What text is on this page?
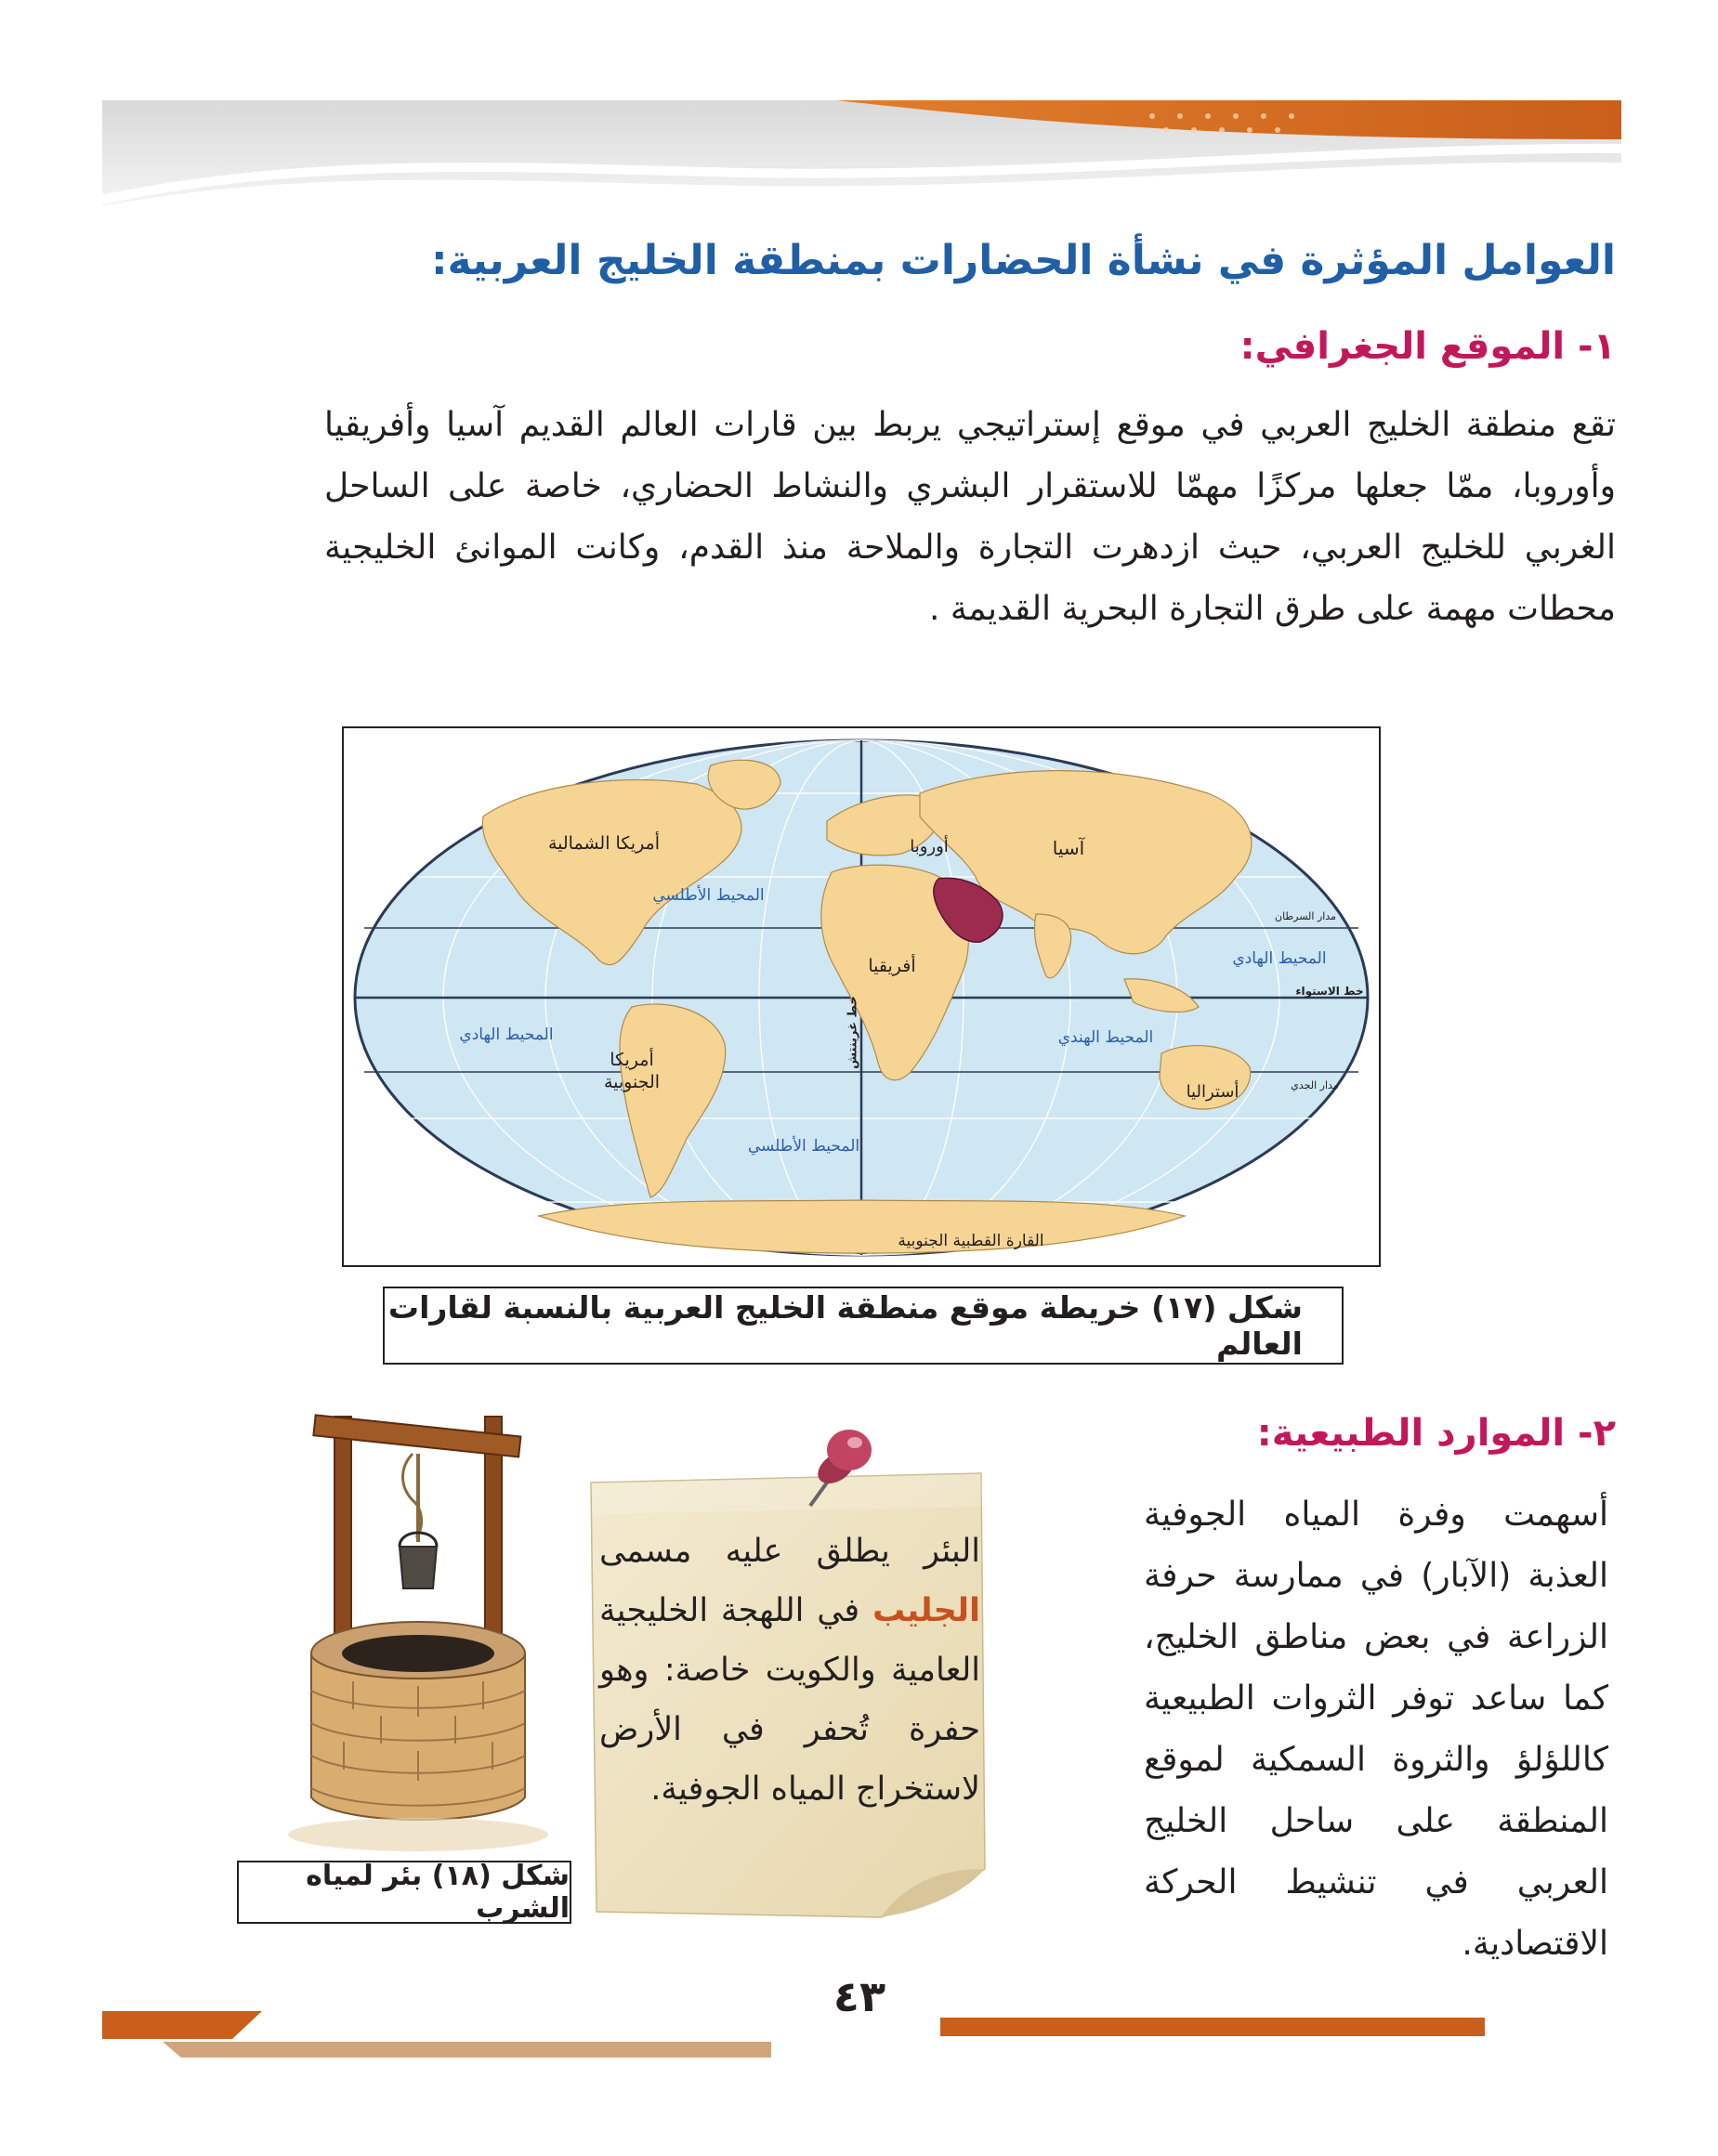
العوامل المؤثرة في نشأة الحضارات بمنطقة الخليج العربية:
١- الموقع الجغرافي:
تقع منطقة الخليج العربي في موقع إستراتيجي يربط بين قارات العالم القديم آسيا وأفريقيا وأوروبا، ممّا جعلها مركزًا مهمّا للاستقرار البشري والنشاط الحضاري، خاصة على الساحل الغربي للخليج العربي، حيث ازدهرت التجارة والملاحة منذ القدم، وكانت الموانئ الخليجية محطات مهمة على طرق التجارة البحرية القديمة .
أمريكا الشمالية
أمريكا الجنوبية
أوروبا	آسيا
أفريقيا
أستراليا
القارة القطبية الجنوبية
المحيط الأطلسي
المحيط الأطلسي
المحيط الهادي
المحيط الهادي
المحيط الهندي
مدار السرطان
مدار الجدي
خط الاستواء
خط غرينتش
شكل (١٧) خريطة موقع منطقة الخليج العربية بالنسبة لقارات العالم
٢- الموارد الطبيعية:
أسهمت وفرة المياه الجوفية العذبة (الآبار) في ممارسة حرفة الزراعة في بعض مناطق الخليج، كما ساعد توفر الثروات الطبيعية كاللؤلؤ والثروة السمكية لموقع المنطقة على ساحل الخليج العربي في تنشيط الحركة الاقتصادية.
البئر يطلق عليه مسمى الجليب في اللهجة الخليجية العامية والكويت خاصة: وهو حفرة تُحفر في الأرض لاستخراج المياه الجوفية.
شكل (١٨) بئر لمياه الشرب
٤٣
